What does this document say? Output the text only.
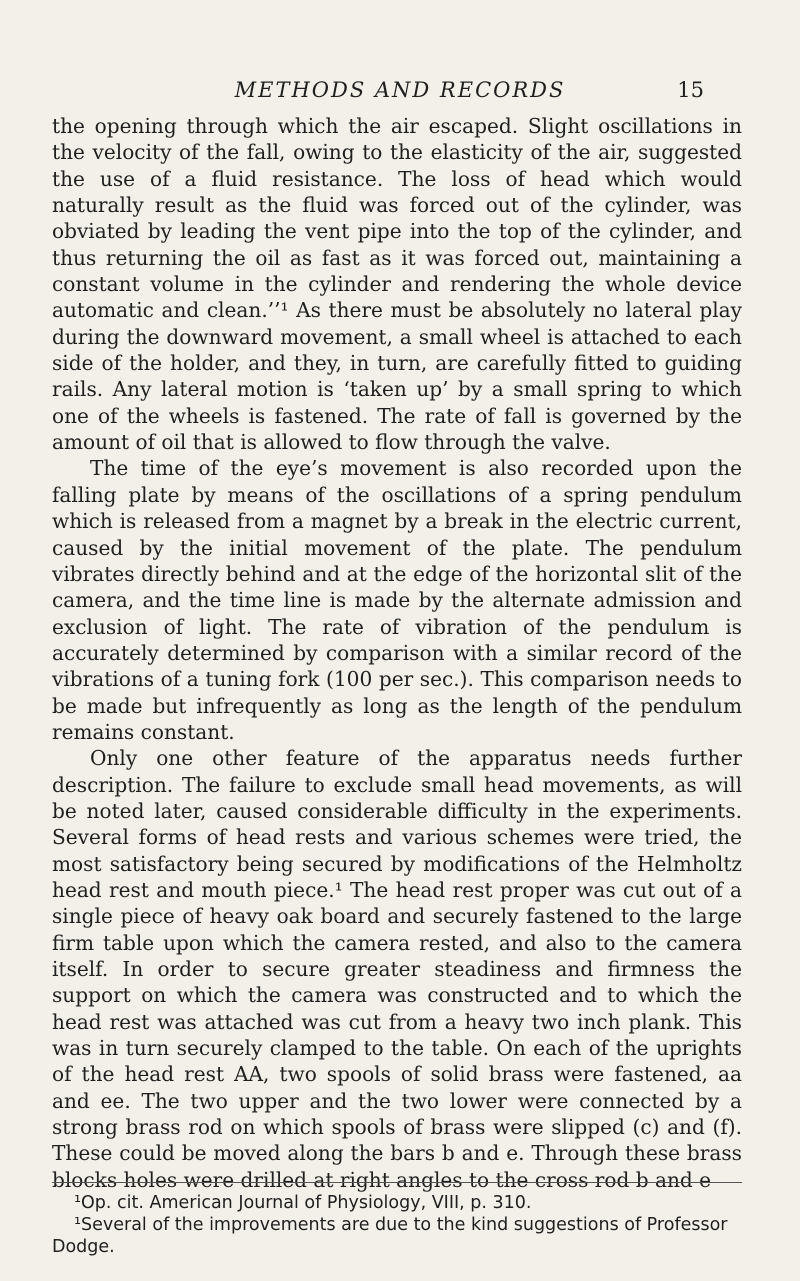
METHODS AND RECORDS	15

the opening through which the air escaped. Slight oscillations in the velocity of the fall, owing to the elasticity of the air, suggested the use of a fluid resistance. The loss of head which would naturally result as the fluid was forced out of the cylinder, was obviated by leading the vent pipe into the top of the cylinder, and thus returning the oil as fast as it was forced out, maintaining a constant volume in the cylinder and rendering the whole device automatic and clean.’’¹ As there must be absolutely no lateral play during the downward movement, a small wheel is attached to each side of the holder, and they, in turn, are carefully fitted to guiding rails. Any lateral motion is ‘taken up’ by a small spring to which one of the wheels is fastened. The rate of fall is governed by the amount of oil that is allowed to flow through the valve.

The time of the eye’s movement is also recorded upon the falling plate by means of the oscillations of a spring pendulum which is released from a magnet by a break in the electric current, caused by the initial movement of the plate. The pendulum vibrates directly behind and at the edge of the horizontal slit of the camera, and the time line is made by the alternate admission and exclusion of light. The rate of vibration of the pendulum is accurately determined by comparison with a similar record of the vibrations of a tuning fork (100 per sec.). This comparison needs to be made but infrequently as long as the length of the pendulum remains constant.

Only one other feature of the apparatus needs further description. The failure to exclude small head movements, as will be noted later, caused considerable difficulty in the experiments. Several forms of head rests and various schemes were tried, the most satisfactory being secured by modifications of the Helmholtz head rest and mouth piece.¹ The head rest proper was cut out of a single piece of heavy oak board and securely fastened to the large firm table upon which the camera rested, and also to the camera itself. In order to secure greater steadiness and firmness the support on which the camera was constructed and to which the head rest was attached was cut from a heavy two inch plank. This was in turn securely clamped to the table. On each of the uprights of the head rest AA, two spools of solid brass were fastened, aa and ee. The two upper and the two lower were connected by a strong brass rod on which spools of brass were slipped (c) and (f). These could be moved along the bars b and e. Through these brass blocks holes were drilled at right angles to the cross rod b and e

¹Op. cit. American Journal of Physiology, VIII, p. 310.

¹Several of the improvements are due to the kind suggestions of Professor Dodge.
